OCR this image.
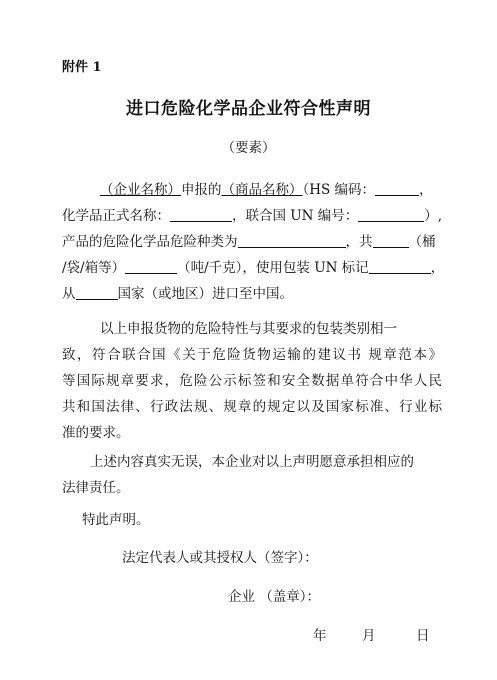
附件 1
进口危险化学品企业符合性声明
（要素）
（企业名称）申报的（商品名称）（HS 编码：	，
化学品正式名称：	，联合国 UN 编号：	）,
产品的危险化学品危险种类为	，共	（桶
/袋/箱等）	（吨/千克），使用包装 UN 标记	，
从	国家（或地区）进口至中国。
以上申报货物的危险特性与其要求的包装类别相一
致，符合联合国《关于危险货物运输的建议书 规章范本》
等国际规章要求，危险公示标签和安全数据单符合中华人民
共和国法律、行政法规、规章的规定以及国家标准、行业标
准的要求。
上述内容真实无误，本企业对以上声明愿意承担相应的
法律责任。
特此声明。
法定代表人或其授权人（签字）：
企业 （盖章）：
年	月	日
